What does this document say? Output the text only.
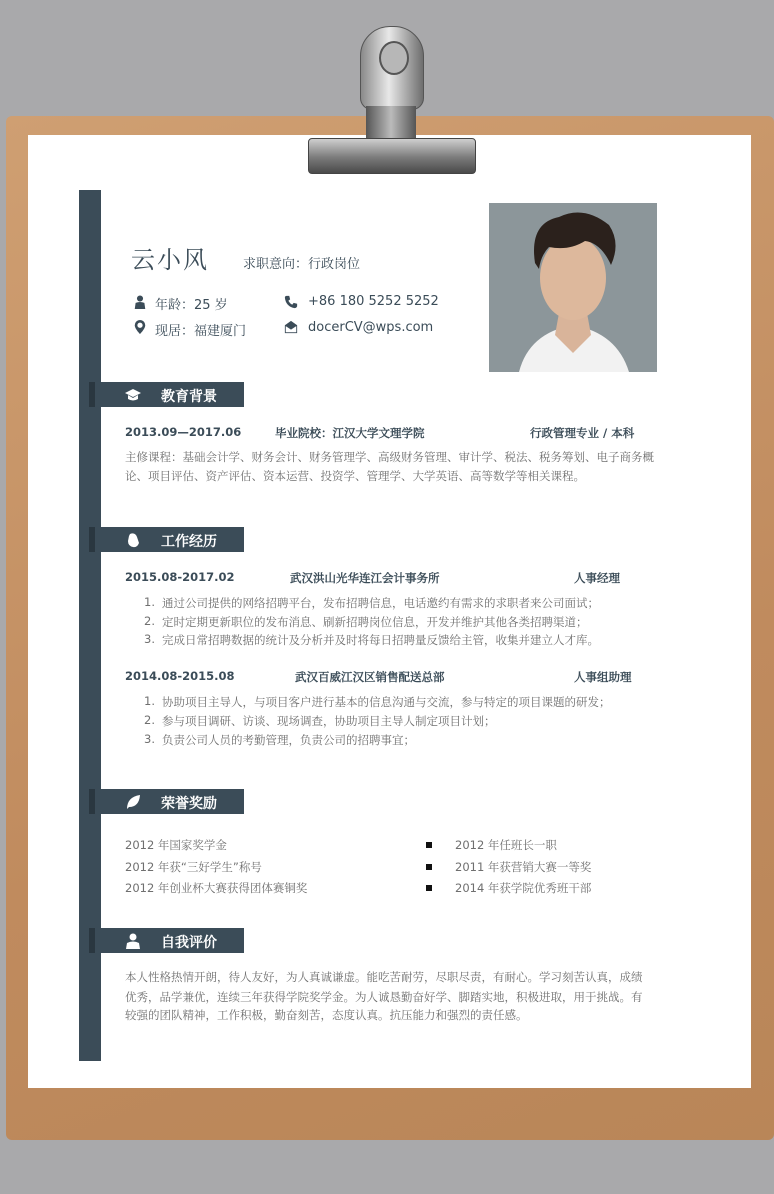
云小风	求职意向：行政岗位
年龄：25 岁
现居：福建厦门
+86 180 5252 5252
docerCV@wps.com
教育背景
2013.09—2017.06	毕业院校：江汉大学文理学院	行政管理专业 / 本科
主修课程：基础会计学、财务会计、财务管理学、高级财务管理、审计学、税法、税务筹划、电子商务概
论、项目评估、资产评估、资本运营、投资学、管理学、大学英语、高等数学等相关课程。
工作经历
2015.08-2017.02	武汉洪山光华连江会计事务所	人事经理
1. 通过公司提供的网络招聘平台，发布招聘信息，电话邀约有需求的求职者来公司面试；
2. 定时定期更新职位的发布消息、刷新招聘岗位信息，开发并维护其他各类招聘渠道；
3. 完成日常招聘数据的统计及分析并及时将每日招聘量反馈给主管，收集并建立人才库。
2014.08-2015.08	武汉百威江汉区销售配送总部	人事组助理
1. 协助项目主导人，与项目客户进行基本的信息沟通与交流，参与特定的项目课题的研发；
2. 参与项目调研、访谈、现场调查，协助项目主导人制定项目计划；
3. 负责公司人员的考勤管理，负责公司的招聘事宜；
荣誉奖励
2012 年国家奖学金
2012 年获“三好学生”称号
2012 年创业杯大赛获得团体赛铜奖
2012 年任班长一职
2011 年获营销大赛一等奖
2014 年获学院优秀班干部
自我评价
本人性格热情开朗，待人友好，为人真诚谦虚。能吃苦耐劳，尽职尽责，有耐心。学习刻苦认真，成绩
优秀，品学兼优，连续三年获得学院奖学金。为人诚恳勤奋好学、脚踏实地，积极进取，用于挑战。有
较强的团队精神，工作积极，勤奋刻苦，态度认真。抗压能力和强烈的责任感。
